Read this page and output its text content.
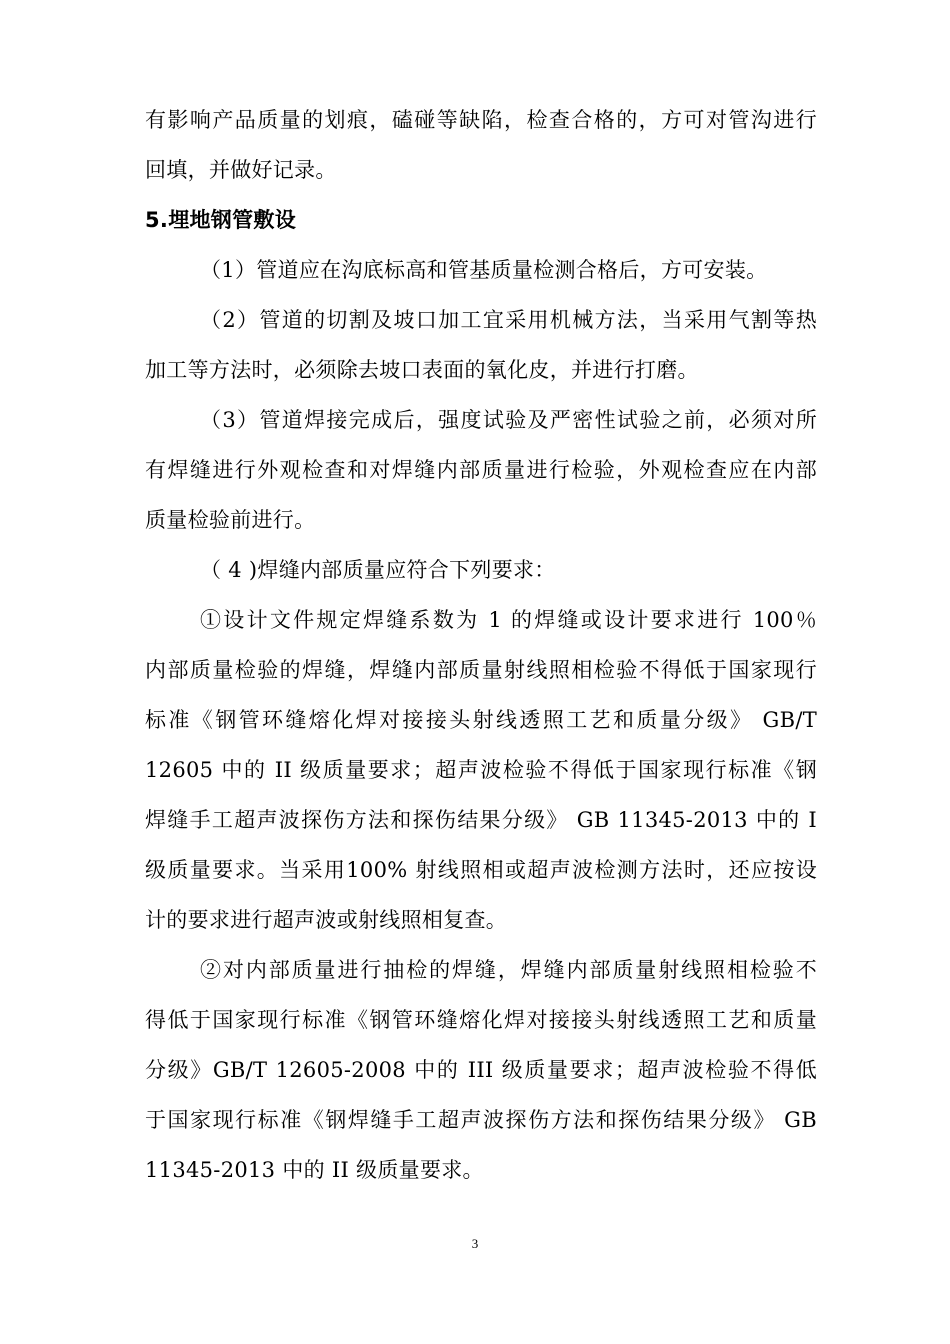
有影响产品质量的划痕，磕碰等缺陷，检查合格的，方可对管沟进行
回填，并做好记录。
5.埋地钢管敷设
（1）管道应在沟底标高和管基质量检测合格后，方可安装。
（2）管道的切割及坡口加工宜采用机械方法，当采用气割等热
加工等方法时，必须除去坡口表面的氧化皮，并进行打磨。
（3）管道焊接完成后，强度试验及严密性试验之前，必须对所
有焊缝进行外观检查和对焊缝内部质量进行检验，外观检查应在内部
质量检验前进行。
（ 4 )焊缝内部质量应符合下列要求：
①设计文件规定焊缝系数为 1 的焊缝或设计要求进行 100％
内部质量检验的焊缝，焊缝内部质量射线照相检验不得低于国家现行
标准《钢管环缝熔化焊对接接头射线透照工艺和质量分级》 GB/T
12605 中的 II 级质量要求；超声波检验不得低于国家现行标准《钢
焊缝手工超声波探伤方法和探伤结果分级》 GB 11345-2013 中的 I
级质量要求。当采用100% 射线照相或超声波检测方法时，还应按设
计的要求进行超声波或射线照相复查。
②对内部质量进行抽检的焊缝，焊缝内部质量射线照相检验不
得低于国家现行标准《钢管环缝熔化焊对接接头射线透照工艺和质量
分级》GB/T 12605-2008 中的 III 级质量要求；超声波检验不得低
于国家现行标准《钢焊缝手工超声波探伤方法和探伤结果分级》 GB
11345-2013 中的 II 级质量要求。
3
